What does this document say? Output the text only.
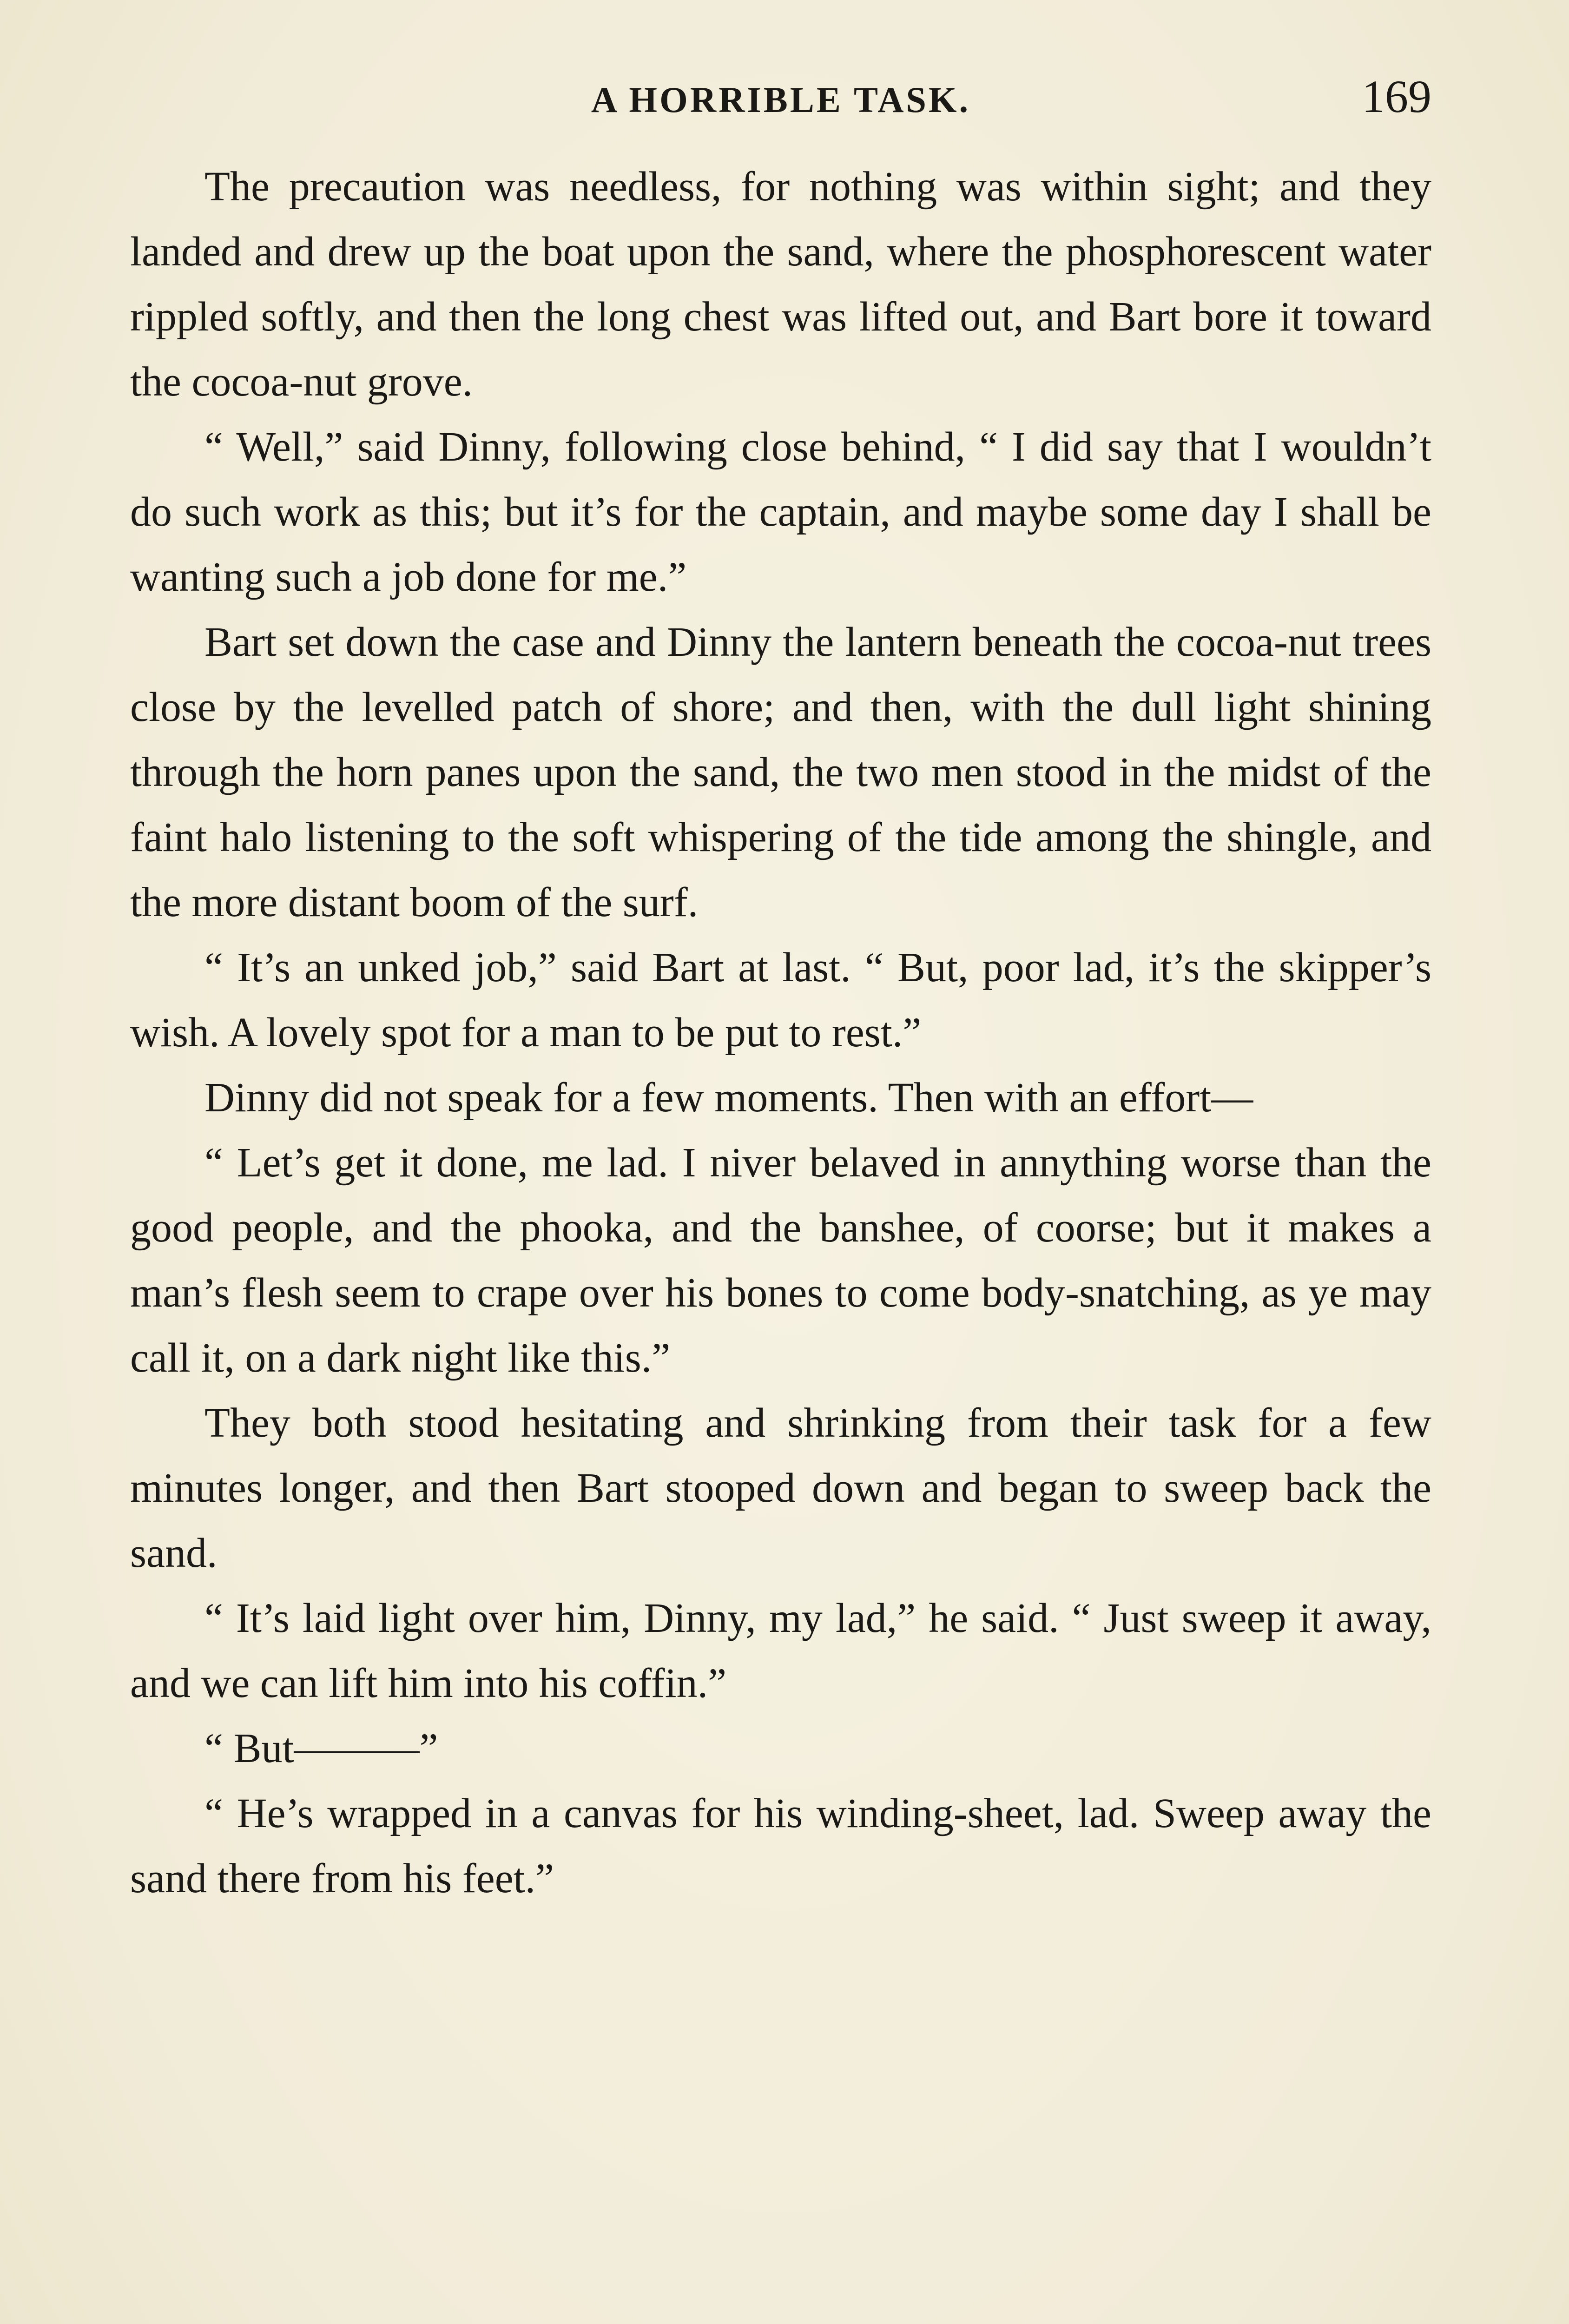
A HORRIBLE TASK.	169

The precaution was needless, for nothing was within sight; and they landed and drew up the boat upon the sand, where the phosphorescent water rippled softly, and then the long chest was lifted out, and Bart bore it toward the cocoa-nut grove.

“ Well,” said Dinny, following close behind, “ I did say that I wouldn’t do such work as this; but it’s for the captain, and maybe some day I shall be wanting such a job done for me.”

Bart set down the case and Dinny the lantern beneath the cocoa-nut trees close by the levelled patch of shore; and then, with the dull light shining through the horn panes upon the sand, the two men stood in the midst of the faint halo listening to the soft whispering of the tide among the shingle, and the more distant boom of the surf.

“ It’s an unked job,” said Bart at last. “ But, poor lad, it’s the skipper’s wish. A lovely spot for a man to be put to rest.”

Dinny did not speak for a few moments. Then with an effort—

“ Let’s get it done, me lad. I niver belaved in annything worse than the good people, and the phooka, and the banshee, of coorse; but it makes a man’s flesh seem to crape over his bones to come body-snatching, as ye may call it, on a dark night like this.”

They both stood hesitating and shrinking from their task for a few minutes longer, and then Bart stooped down and began to sweep back the sand.

“ It’s laid light over him, Dinny, my lad,” he said. “ Just sweep it away, and we can lift him into his coffin.”

“ But———”

“ He’s wrapped in a canvas for his winding-sheet, lad. Sweep away the sand there from his feet.”
